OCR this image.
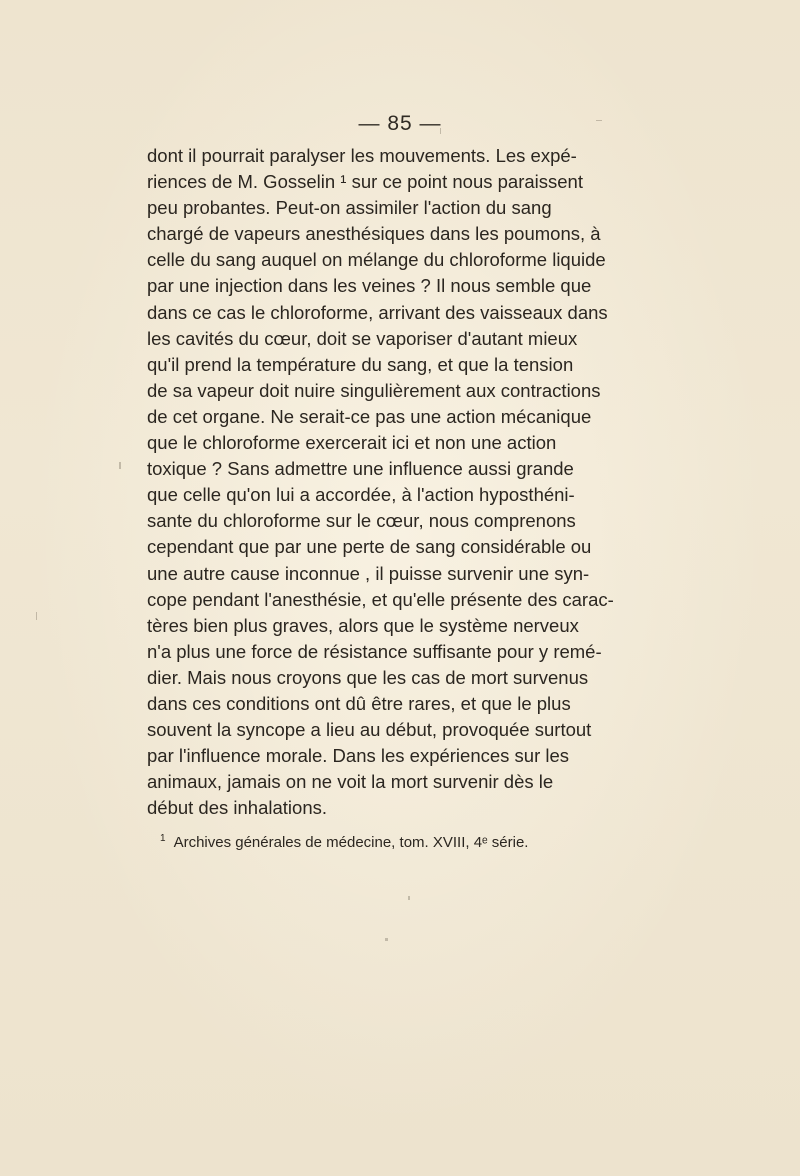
— 85 —
dont il pourrait paralyser les mouvements. Les expé-
riences de M. Gosselin ¹ sur ce point nous paraissent
peu probantes. Peut-on assimiler l'action du sang
chargé de vapeurs anesthésiques dans les poumons, à
celle du sang auquel on mélange du chloroforme liquide
par une injection dans les veines ? Il nous semble que
dans ce cas le chloroforme, arrivant des vaisseaux dans
les cavités du cœur, doit se vaporiser d'autant mieux
qu'il prend la température du sang, et que la tension
de sa vapeur doit nuire singulièrement aux contractions
de cet organe. Ne serait-ce pas une action mécanique
que le chloroforme exercerait ici et non une action
toxique ? Sans admettre une influence aussi grande
que celle qu'on lui a accordée, à l'action hyposthéni-
sante du chloroforme sur le cœur, nous comprenons
cependant que par une perte de sang considérable ou
une autre cause inconnue , il puisse survenir une syn-
cope pendant l'anesthésie, et qu'elle présente des carac-
tères bien plus graves, alors que le système nerveux
n'a plus une force de résistance suffisante pour y remé-
dier. Mais nous croyons que les cas de mort survenus
dans ces conditions ont dû être rares, et que le plus
souvent la syncope a lieu au début, provoquée surtout
par l'influence morale. Dans les expériences sur les
animaux, jamais on ne voit la mort survenir dès le
début des inhalations.
$^1$ Archives générales de médecine, tom. XVIII, 4ᵉ série.
